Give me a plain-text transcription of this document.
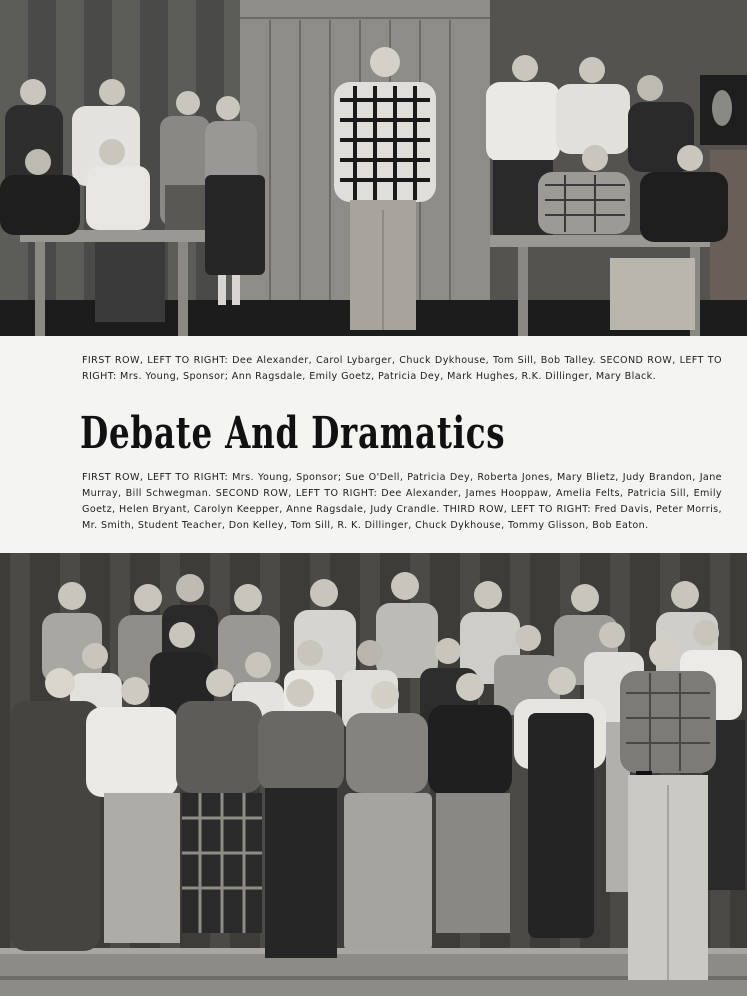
FIRST ROW, LEFT TO RIGHT: Dee Alexander, Carol Lybarger, Chuck Dykhouse, Tom Sill, Bob Talley. SECOND ROW, LEFT TO RIGHT: Mrs. Young, Sponsor; Ann Ragsdale, Emily Goetz, Patricia Dey, Mark Hughes, R.K. Dillinger, Mary Black.
Debate And Dramatics
FIRST ROW, LEFT TO RIGHT: Mrs. Young, Sponsor; Sue O'Dell, Patricia Dey, Roberta Jones, Mary Blietz, Judy Brandon, Jane Murray, Bill Schwegman. SECOND ROW, LEFT TO RIGHT: Dee Alexander, James Hooppaw, Amelia Felts, Patricia Sill, Emily Goetz, Helen Bryant, Carolyn Keepper, Anne Ragsdale, Judy Crandle. THIRD ROW, LEFT TO RIGHT: Fred Davis, Peter Morris, Mr. Smith, Student Teacher, Don Kelley, Tom Sill, R. K. Dillinger, Chuck Dykhouse, Tommy Glisson, Bob Eaton.
